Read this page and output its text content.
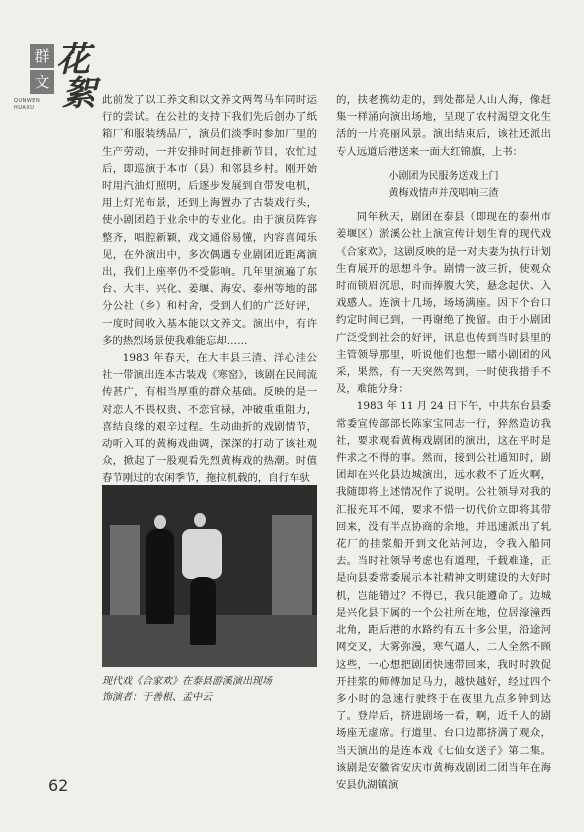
群
文
花
絮
QUNWEN
HUAXU

此前发了以工养文和以文养文两驾马车同时运行的尝试。在公社的支持下我们先后创办了纸箱厂和服装绣品厂，演员们淡季时参加厂里的生产劳动，一并安排时间赶排新节目，农忙过后，即巡演于本市（县）和邻县乡村。刚开始时用汽油灯照明，后逐步发展到自带发电机，用上灯光布景，还到上海置办了古装戏行头，使小剧团趋于业余中的专业化。由于演员阵容整齐，唱腔新颖，戏文通俗易懂，内容喜闻乐见，在外演出中，多次偶遇专业剧团近距离演出，我们上座率仍不受影响。几年里演遍了东台、大丰、兴化、姜堰、海安、泰州等地的部分公社（乡）和村舍，受到人们的广泛好评，一度时间收入基本能以文养文。演出中，有许多的热烈场景使我难能忘却……

1983 年春天，在大丰县三渣、洋心洼公社一带演出连本古装戏《寒窑》，该剧在民间流传甚广，有相当厚重的群众基础。反映的是一对恋人不畏权贵、不恋官禄，冲破重重阻力，喜结良缘的艰辛过程。生动曲折的戏剧情节，动听入耳的黄梅戏曲调，深深的打动了该社观众，掀起了一股观看先烈黄梅戏的热潮。时值春节刚过的农闲季节，拖拉机载的，自行车驮

现代戏《合家欢》在泰县游溪演出现场

饰演者：于善根、孟中云

的，扶老携幼走的，到处都是人山人海，像赶集一样涌向演出场地，呈现了农村渴望文化生活的一片亮丽风景。演出结束后，该社还派出专人远道后港送来一面大红锦旗，上书：

小剧团为民服务送戏上门

黄梅戏情声并茂唱响三渣

同年秋天，剧团在泰县（即现在的泰州市姜堰区）淤溪公社上演宣传计划生育的现代戏《合家欢》，这剧反映的是一对夫妻为执行计划生育展开的思想斗争。剧情一波三折，使观众时而锁眉沉思，时而捧腹大笑，悬念起伏、入戏感人。连演十几场，场场满座。因下个台口约定时间已到，一再谢绝了挽留。由于小剧团广泛受到社会的好评，讯息也传到当时县里的主管领导那里，听说他们也想一睹小剧团的风采，果然，有一天突然驾到，一时使我措手不及，难能分身：

1983 年 11 月 24 日下午，中共东台县委常委宣传部部长陈家宝同志一行，猝然造访我社，要求观看黄梅戏剧团的演出，这在平时是件求之不得的事。然而，接到公社通知时，剧团却在兴化县边城演出，远水救不了近火啊，我随即将上述情况作了说明。公社领导对我的汇报充耳不闻，要求不惜一切代价立即将其带回来，没有半点协商的余地，并迅速派出了轧花厂的挂浆船开到文化站河边，令我入船同去。当时社领导考虑也有道理，千载难逢，正是向县委常委展示本社精神文明建设的大好时机，岂能错过？不得已，我只能遵命了。边城是兴化县下属的一个公社所在地，位居濠潼西北角，距后港的水路约有五十多公里，沿途河网交叉，大雾弥漫，寒气逼人，二人全然不顾这些，一心想把剧团快速带回来，我时时敦促开挂浆的师傅加足马力，越快越好，经过四个多小时的急速行驶终于在夜里九点多钟到达了。登岸后，挤进剧场一看，啊，近千人的剧场座无虚席。行道里、台口边都挤满了观众，当天演出的是连本戏《七仙女送子》第二集。该剧是安徽省安庆市黄梅戏剧团二团当年在海安县仇湖镇演

62
